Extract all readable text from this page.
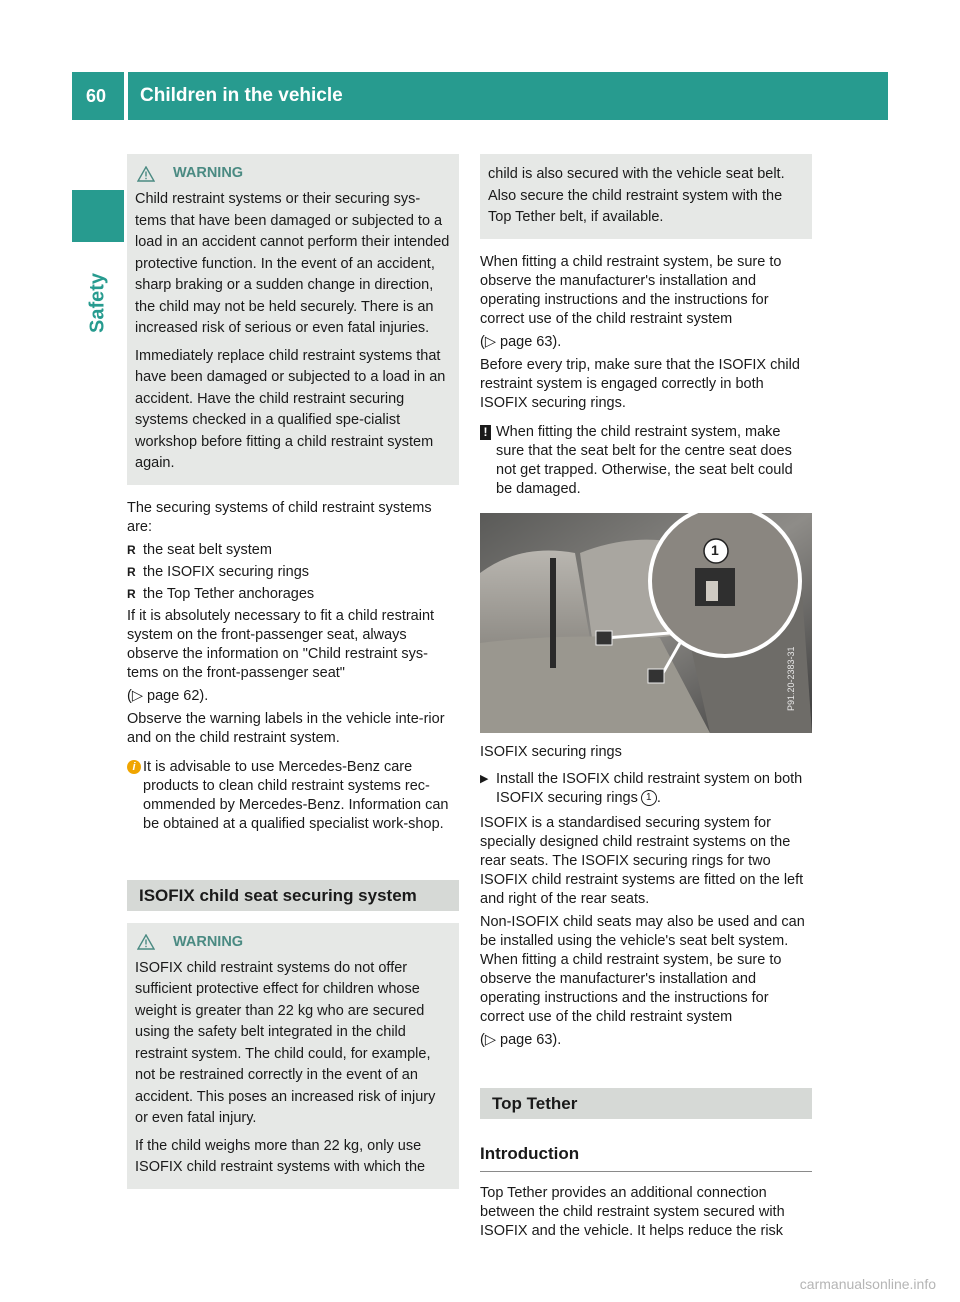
60 Children in the vehicle
Safety
WARNING

Child restraint systems or their securing sys-tems that have been damaged or subjected to a load in an accident cannot perform their intended protective function. In the event of an accident, sharp braking or a sudden change in direction, the child may not be held securely. There is an increased risk of serious or even fatal injuries.

Immediately replace child restraint systems that have been damaged or subjected to a load in an accident. Have the child restraint securing systems checked in a qualified spe-cialist workshop before fitting a child restraint system again.

The securing systems of child restraint systems are:

R the seat belt system
R the ISOFIX securing rings
R the Top Tether anchorages

If it is absolutely necessary to fit a child restraint system on the front-passenger seat, always observe the information on "Child restraint sys-tems on the front-passenger seat"

(▷ page 62).

Observe the warning labels in the vehicle inte-rior and on the child restraint system.

i It is advisable to use Mercedes-Benz care products to clean child restraint systems rec-ommended by Mercedes-Benz. Information can be obtained at a qualified specialist work-shop.
ISOFIX child seat securing system
WARNING

ISOFIX child restraint systems do not offer sufficient protective effect for children whose weight is greater than 22 kg who are secured using the safety belt integrated in the child restraint system. The child could, for example, not be restrained correctly in the event of an accident. This poses an increased risk of injury or even fatal injury.

If the child weighs more than 22 kg, only use ISOFIX child restraint systems with which the

child is also secured with the vehicle seat belt. Also secure the child restraint system with the Top Tether belt, if available.

When fitting a child restraint system, be sure to observe the manufacturer's installation and operating instructions and the instructions for correct use of the child restraint system

(▷ page 63).

Before every trip, make sure that the ISOFIX child restraint system is engaged correctly in both ISOFIX securing rings.

! When fitting the child restraint system, make sure that the seat belt for the centre seat does not get trapped. Otherwise, the seat belt could be damaged.
1
P91.20-2383-31

ISOFIX securing rings

▶ Install the ISOFIX child restraint system on both ISOFIX securing rings 1 .

ISOFIX is a standardised securing system for specially designed child restraint systems on the rear seats. The ISOFIX securing rings for two ISOFIX child restraint systems are fitted on the left and right of the rear seats.

Non-ISOFIX child seats may also be used and can be installed using the vehicle's seat belt system. When fitting a child restraint system, be sure to observe the manufacturer's installation and operating instructions and the instructions for correct use of the child restraint system

(▷ page 63).

Top Tether
Introduction

Top Tether provides an additional connection between the child restraint system secured with ISOFIX and the vehicle. It helps reduce the risk

carmanualsonline.info
